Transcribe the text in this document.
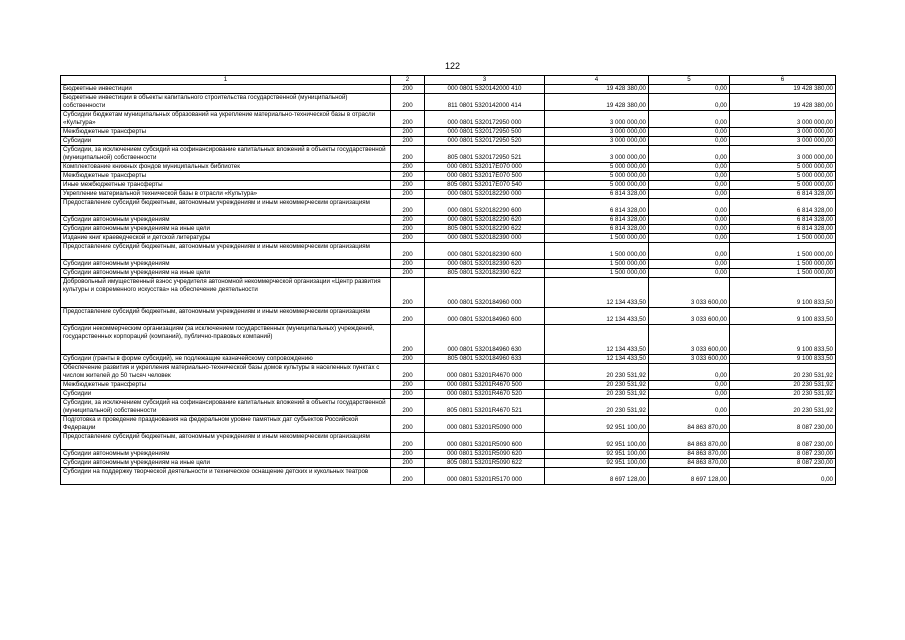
122
1	2	3	4	5	6
Бюджетные инвестиции	200	000 0801 5320142000 410	19 428 380,00	0,00	19 428 380,00
Бюджетные инвестиции в объекты капитального строительства государственной (муниципальной) собственности	200	811 0801 5320142000 414	19 428 380,00	0,00	19 428 380,00
Субсидии бюджетам муниципальных образований на укрепление материально-технической базы в отрасли «Культура»	200	000 0801 5320172950 000	3 000 000,00	0,00	3 000 000,00
Межбюджетные трансферты	200	000 0801 5320172950 500	3 000 000,00	0,00	3 000 000,00
Субсидии	200	000 0801 5320172950 520	3 000 000,00	0,00	3 000 000,00
Субсидии, за исключением субсидий на софинансирование капитальных вложений в объекты государственной (муниципальной) собственности	200	805 0801 5320172950 521	3 000 000,00	0,00	3 000 000,00
Комплектование книжных фондов муниципальных библиотек	200	000 0801 532017Е070 000	5 000 000,00	0,00	5 000 000,00
Межбюджетные трансферты	200	000 0801 532017Е070 500	5 000 000,00	0,00	5 000 000,00
Иные межбюджетные трансферты	200	805 0801 532017Е070 540	5 000 000,00	0,00	5 000 000,00
Укрепление материальной технической базы в отрасли «Культура»	200	000 0801 5320182290 000	6 814 328,00	0,00	6 814 328,00
Предоставление субсидий бюджетным, автономным учреждениям и иным некоммерческим организациям	200	000 0801 5320182290 600	6 814 328,00	0,00	6 814 328,00
Субсидии автономным учреждениям	200	000 0801 5320182290 620	6 814 328,00	0,00	6 814 328,00
Субсидии автономным учреждениям на иные цели	200	805 0801 5320182290 622	6 814 328,00	0,00	6 814 328,00
Издание книг краеведческой и детской литературы	200	000 0801 5320182390 000	1 500 000,00	0,00	1 500 000,00
Предоставление субсидий бюджетным, автономным учреждениям и иным некоммерческим организациям	200	000 0801 5320182390 600	1 500 000,00	0,00	1 500 000,00
Субсидии автономным учреждениям	200	000 0801 5320182390 620	1 500 000,00	0,00	1 500 000,00
Субсидии автономным учреждениям на иные цели	200	805 0801 5320182390 622	1 500 000,00	0,00	1 500 000,00
Добровольный имущественный взнос учредителя автономной некоммерческой организации «Центр развития культуры и современного искусства» на обеспечение деятельности	200	000 0801 5320184960 000	12 134 433,50	3 033 600,00	9 100 833,50
Предоставление субсидий бюджетным, автономным учреждениям и иным некоммерческим организациям	200	000 0801 5320184960 600	12 134 433,50	3 033 600,00	9 100 833,50
Субсидии некоммерческим организациям (за исключением государственных (муниципальных) учреждений, государственных корпораций (компаний), публично-правовых компаний)	200	000 0801 5320184960 630	12 134 433,50	3 033 600,00	9 100 833,50
Субсидии (гранты в форме субсидий), не подлежащие казначейскому сопровождению	200	805 0801 5320184960 633	12 134 433,50	3 033 600,00	9 100 833,50
Обеспечение развития и укрепления материально-технической базы домов культуры в населенных пунктах с числом жителей до 50 тысяч человек	200	000 0801 53201R4670 000	20 230 531,92	0,00	20 230 531,92
Межбюджетные трансферты	200	000 0801 53201R4670 500	20 230 531,92	0,00	20 230 531,92
Субсидии	200	000 0801 53201R4670 520	20 230 531,92	0,00	20 230 531,92
Субсидии, за исключением субсидий на софинансирование капитальных вложений в объекты государственной (муниципальной) собственности	200	805 0801 53201R4670 521	20 230 531,92	0,00	20 230 531,92
Подготовка и проведение празднования на федеральном уровне памятных дат субъектов Российской Федерации	200	000 0801 53201R5090 000	92 951 100,00	84 863 870,00	8 087 230,00
Предоставление субсидий бюджетным, автономным учреждениям и иным некоммерческим организациям	200	000 0801 53201R5090 600	92 951 100,00	84 863 870,00	8 087 230,00
Субсидии автономным учреждениям	200	000 0801 53201R5090 620	92 951 100,00	84 863 870,00	8 087 230,00
Субсидии автономным учреждениям на иные цели	200	805 0801 53201R5090 622	92 951 100,00	84 863 870,00	8 087 230,00
Субсидии на поддержку творческой деятельности и техническое оснащение детских и кукольных театров	200	000 0801 53201R5170 000	8 697 128,00	8 697 128,00	0,00
